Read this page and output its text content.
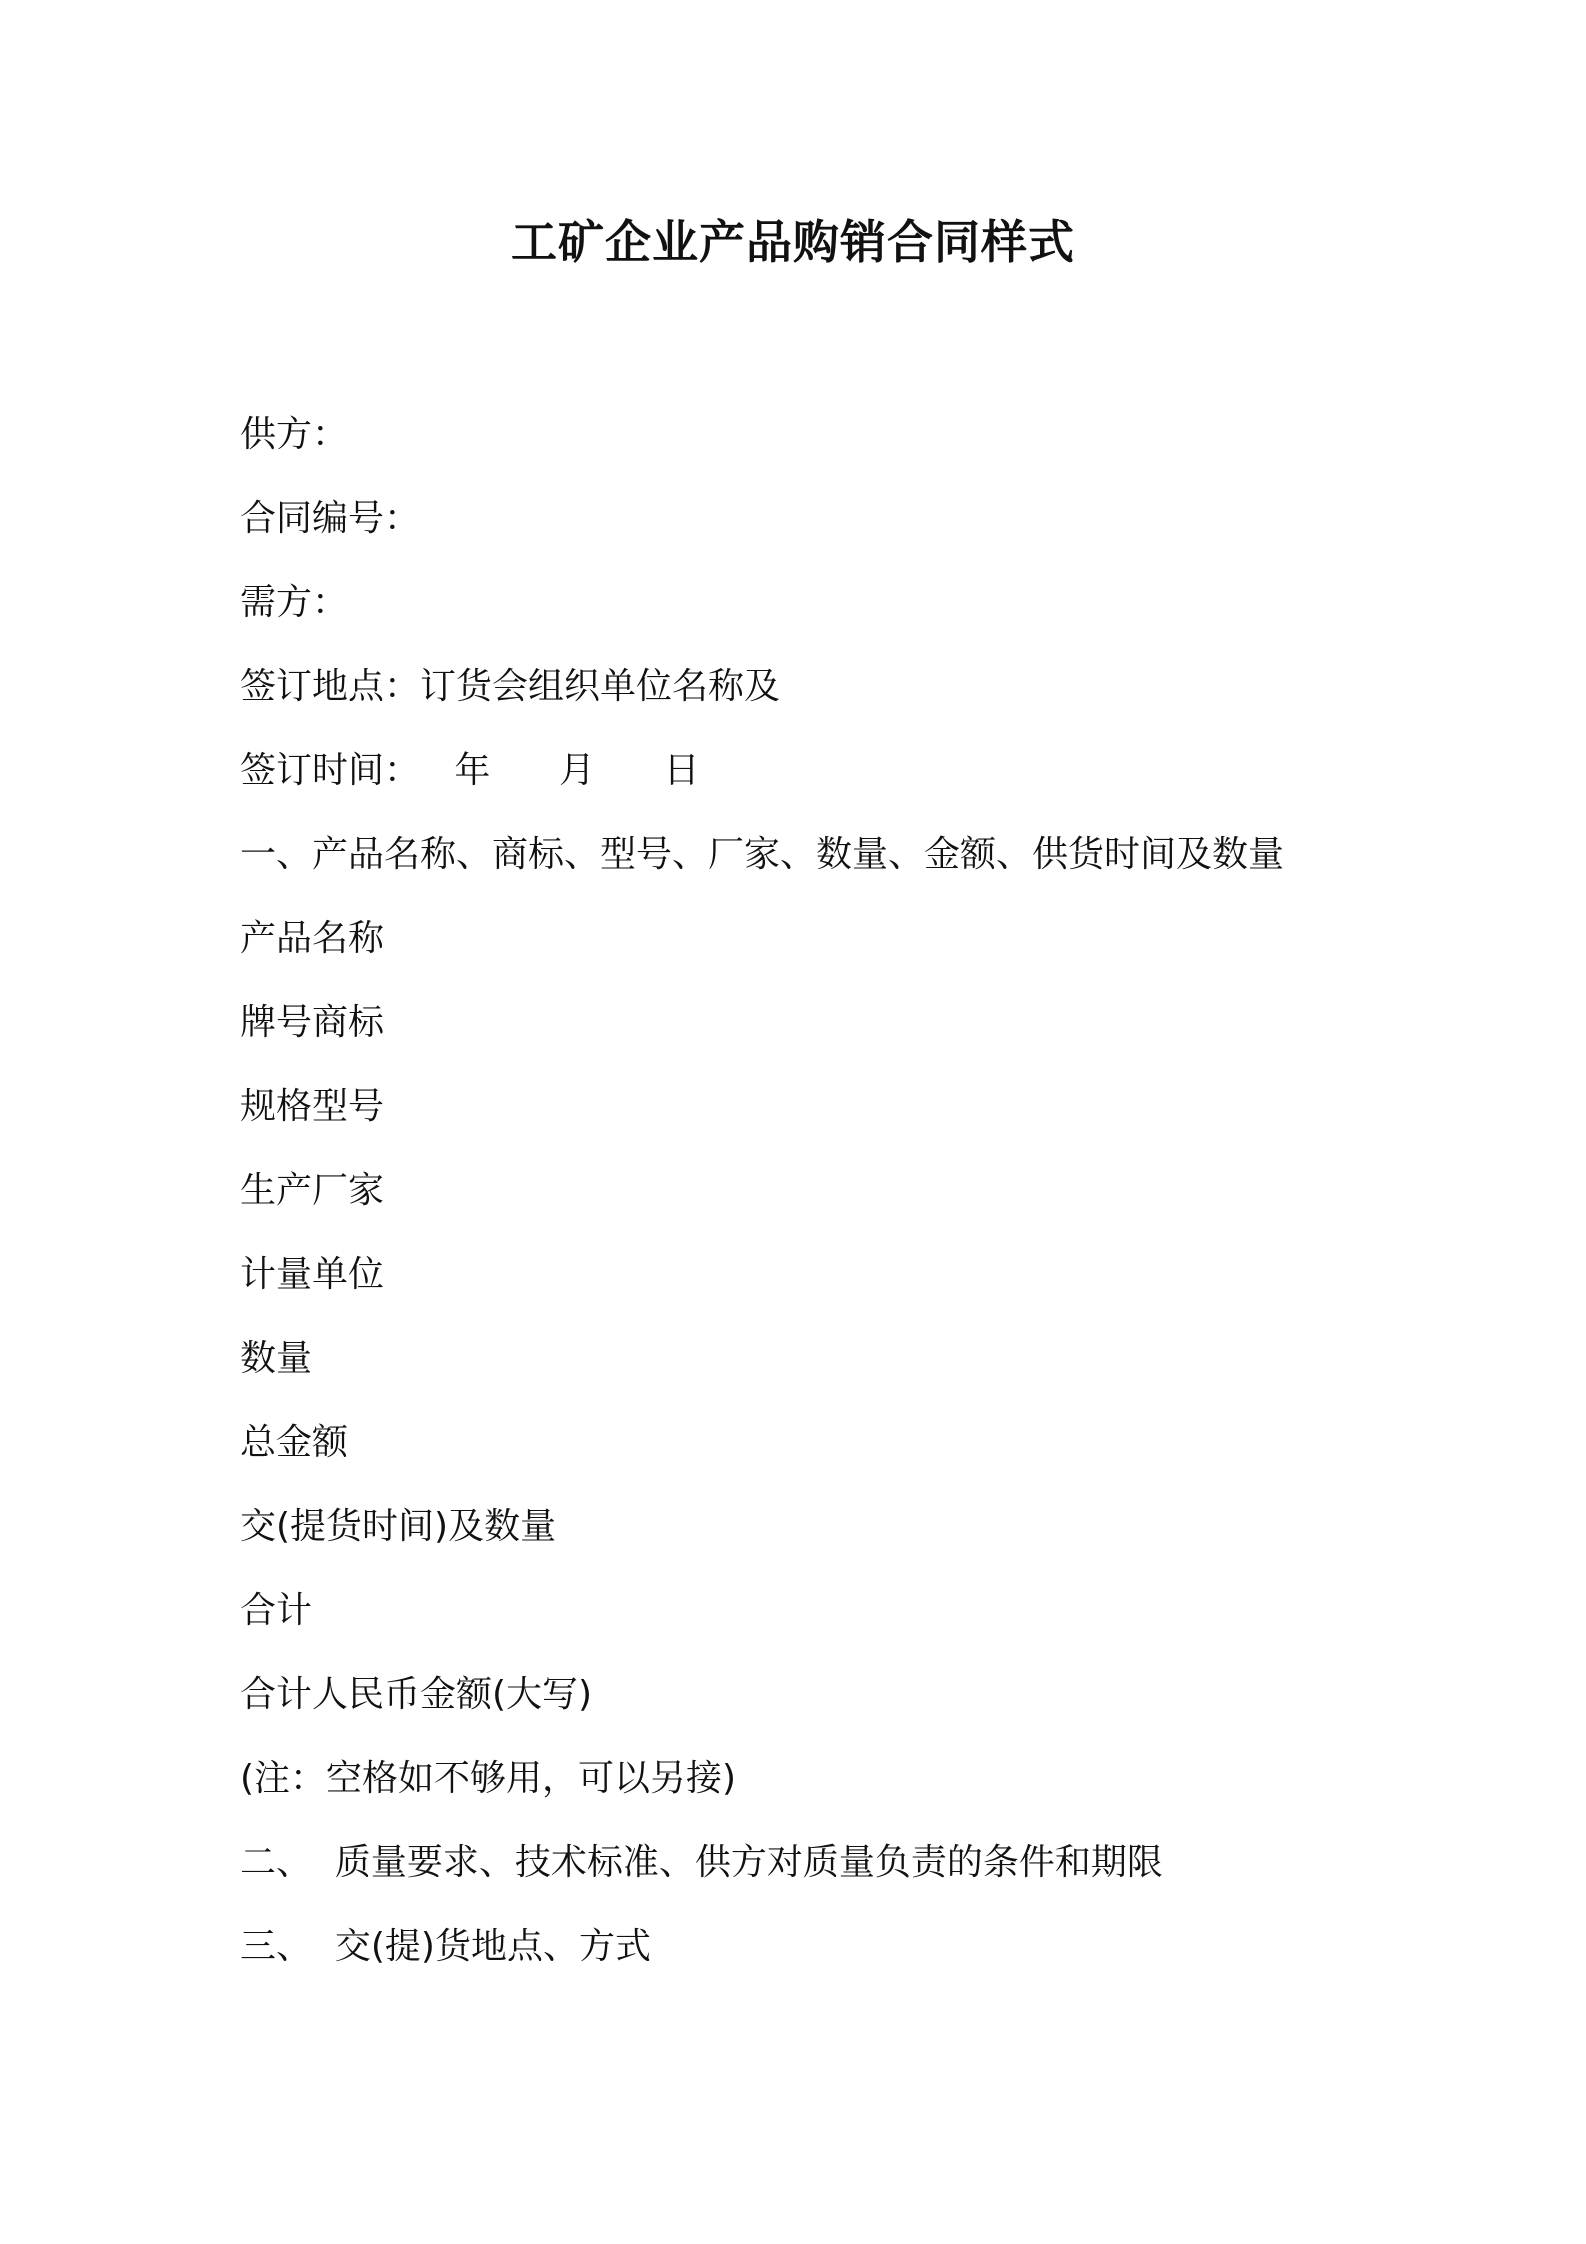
工矿企业产品购销合同样式
供方：
合同编号：
需方：
签订地点：订货会组织单位名称及
签订时间：   年      月      日
一、产品名称、商标、型号、厂家、数量、金额、供货时间及数量
产品名称
牌号商标
规格型号
生产厂家
计量单位
数量
总金额
交(提货时间)及数量
合计
合计人民币金额(大写)
(注：空格如不够用，可以另接)
二、  质量要求、技术标准、供方对质量负责的条件和期限
三、  交(提)货地点、方式
